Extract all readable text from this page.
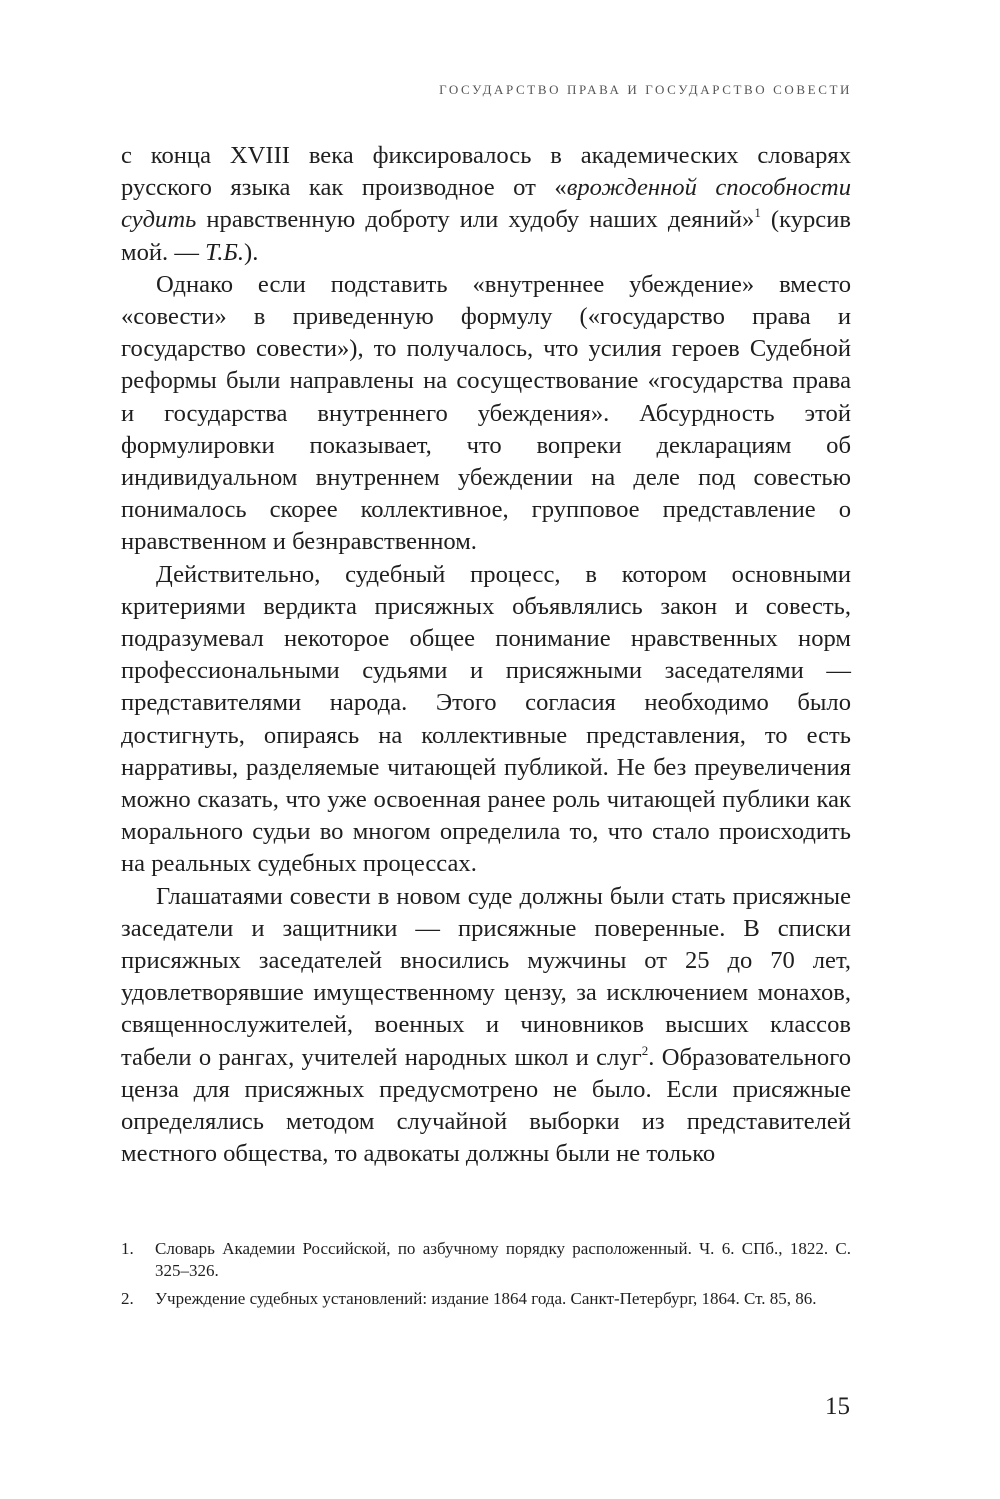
ГОСУДАРСТВО ПРАВА И ГОСУДАРСТВО СОВЕСТИ

с конца XVIII века фиксировалось в академических словарях русского языка как производное от «врожденной способности судить нравственную доброту или худобу наших деяний»$^1$ (курсив мой. — Т.Б.).

Однако если подставить «внутреннее убеждение» вместо «совести» в приведенную формулу («государство права и государство совести»), то получалось, что усилия героев Судебной реформы были направлены на сосуществование «государства права и государства внутреннего убеждения». Абсурдность этой формулировки показывает, что вопреки декларациям об индивидуальном внутреннем убеждении на деле под совестью понималось скорее коллективное, групповое представление о нравственном и безнравственном.

Действительно, судебный процесс, в котором основными критериями вердикта присяжных объявлялись закон и совесть, подразумевал некоторое общее понимание нравственных норм профессиональными судьями и присяжными заседателями — представителями народа. Этого согласия необходимо было достигнуть, опираясь на коллективные представления, то есть нарративы, разделяемые читающей публикой. Не без преувеличения можно сказать, что уже освоенная ранее роль читающей публики как морального судьи во многом определила то, что стало происходить на реальных судебных процессах.

Глашатаями совести в новом суде должны были стать присяжные заседатели и защитники — присяжные поверенные. В списки присяжных заседателей вносились мужчины от 25 до 70 лет, удовлетворявшие имущественному цензу, за исключением монахов, священнослужителей, военных и чиновников высших классов табели о рангах, учителей народных школ и слуг$^2$. Образовательного ценза для присяжных предусмотрено не было. Если присяжные определялись методом случайной выборки из представителей местного общества, то адвокаты должны были не только

1.	Словарь Академии Российской, по азбучному порядку расположенный. Ч. 6. СПб., 1822. С. 325–326.
2.	Учреждение судебных установлений: издание 1864 года. Санкт-Петербург, 1864. Ст. 85, 86.
15
